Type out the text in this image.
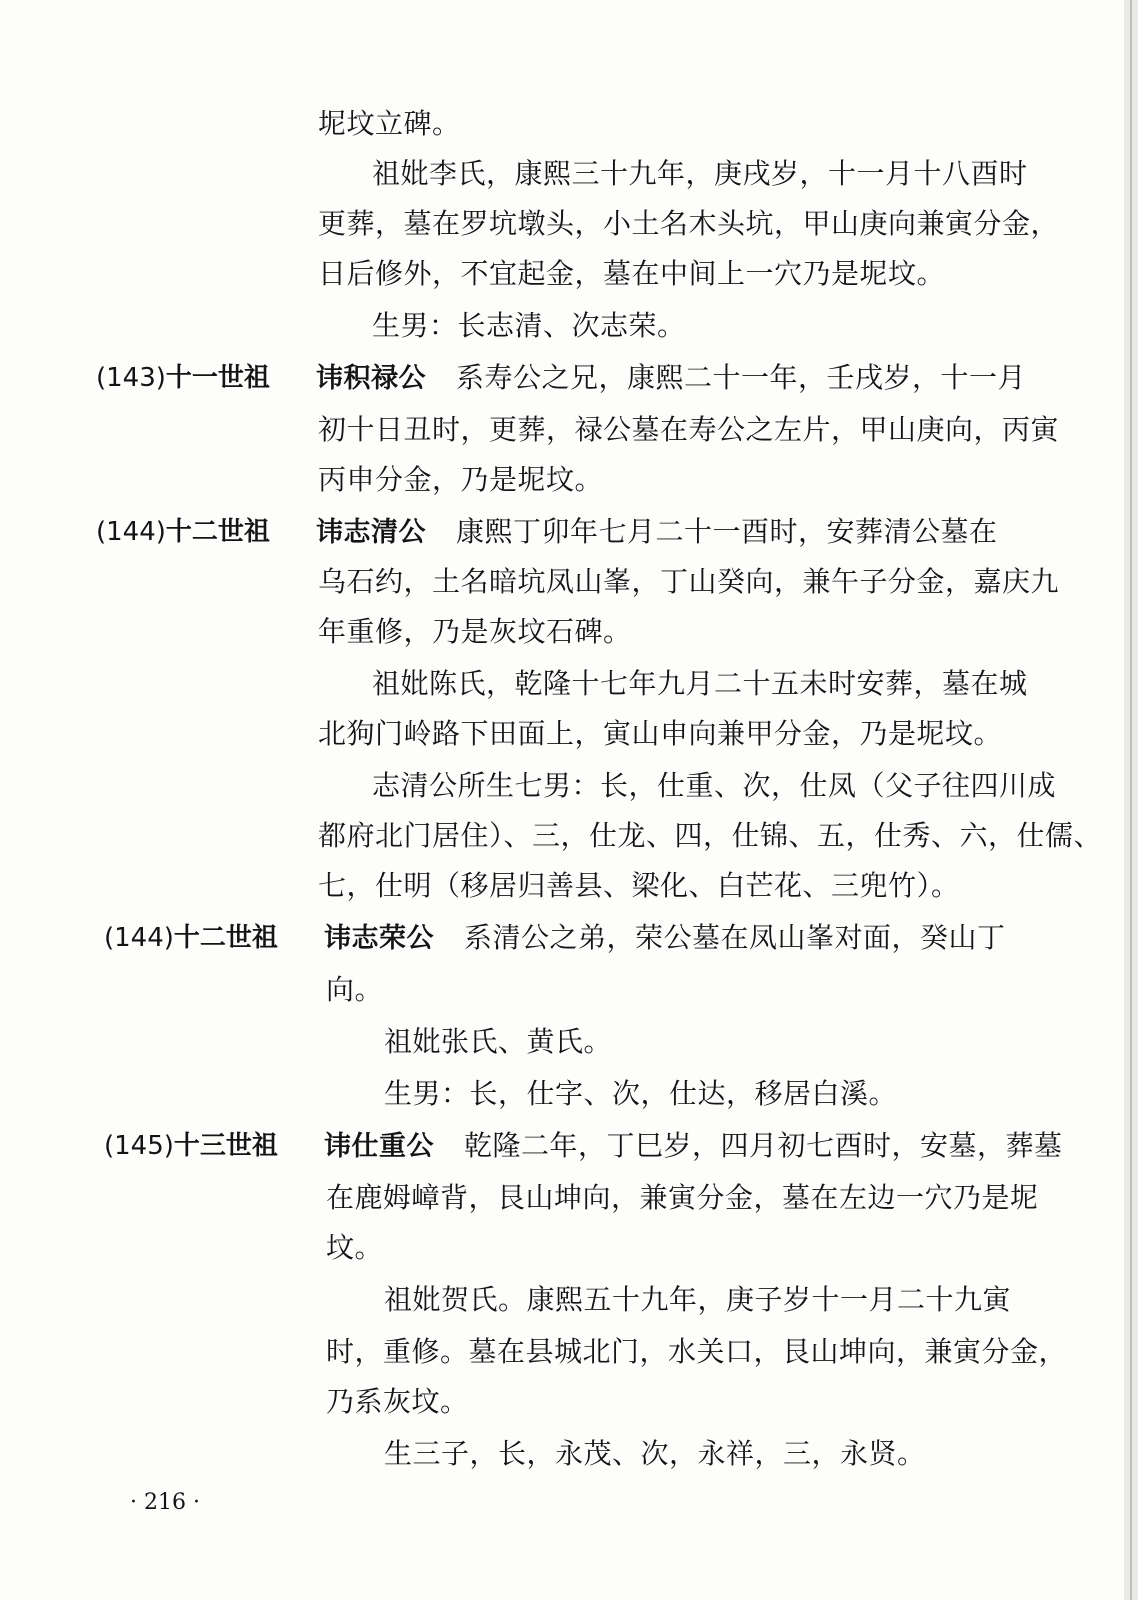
坭坟立碑。
祖妣李氏，康熙三十九年，庚戌岁，十一月十八酉时
更葬，墓在罗坑墩头，小土名木头坑，甲山庚向兼寅分金，
日后修外，不宜起金，墓在中间上一穴乃是坭坟。
生男：长志清、次志荣。
(143)十一世祖 讳积禄公 系寿公之兄，康熙二十一年，壬戌岁，十一月
初十日丑时，更葬，禄公墓在寿公之左片，甲山庚向，丙寅
丙申分金，乃是坭坟。
(144)十二世祖 讳志清公 康熙丁卯年七月二十一酉时，安葬清公墓在
乌石约，土名暗坑凤山峯，丁山癸向，兼午子分金，嘉庆九
年重修，乃是灰坟石碑。
祖妣陈氏，乾隆十七年九月二十五未时安葬，墓在城
北狗门岭路下田面上，寅山申向兼甲分金，乃是坭坟。
志清公所生七男：长，仕重、次，仕凤（父子往四川成
都府北门居住）、三，仕龙、四，仕锦、五，仕秀、六，仕儒、
七，仕明（移居归善县、梁化、白芒花、三兜竹）。
(144)十二世祖 讳志荣公 系清公之弟，荣公墓在凤山峯对面，癸山丁
向。
祖妣张氏、黄氏。
生男：长，仕字、次，仕达，移居白溪。
(145)十三世祖 讳仕重公 乾隆二年，丁巳岁，四月初七酉时，安墓，葬墓
在鹿姆嶂背，艮山坤向，兼寅分金，墓在左边一穴乃是坭
坟。
祖妣贺氏。康熙五十九年，庚子岁十一月二十九寅
时，重修。墓在县城北门，水关口，艮山坤向，兼寅分金，
乃系灰坟。
生三子，长，永茂、次，永祥，三，永贤。
· 216 ·
